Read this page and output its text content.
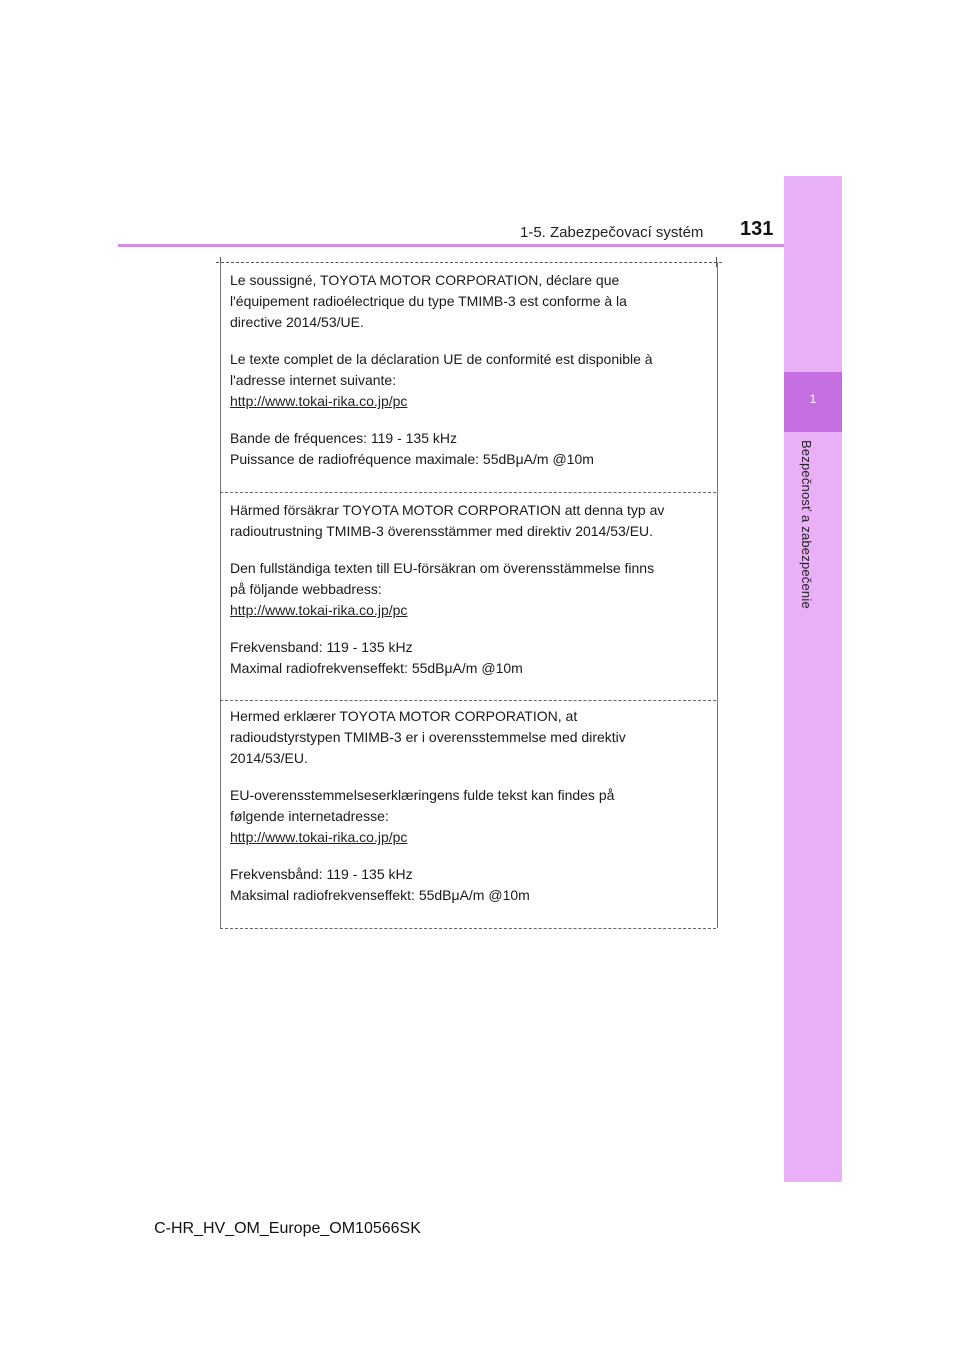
1-5. Zabezpečovací systém 131
1
Bezpečnosť a zabezpečenie

Le soussigné, TOYOTA MOTOR CORPORATION, déclare que

l'équipement radioélectrique du type TMIMB-3 est conforme à la

directive 2014/53/UE.

Le texte complet de la déclaration UE de conformité est disponible à

l'adresse internet suivante:

http://www.tokai-rika.co.jp/pc

Bande de fréquences: 119 - 135 kHz

Puissance de radiofréquence maximale: 55dBμA/m @10m

Härmed försäkrar TOYOTA MOTOR CORPORATION att denna typ av

radioutrustning TMIMB-3 överensstämmer med direktiv 2014/53/EU.

Den fullständiga texten till EU-försäkran om överensstämmelse finns

på följande webbadress:

http://www.tokai-rika.co.jp/pc

Frekvensband: 119 - 135 kHz

Maximal radiofrekvenseffekt: 55dBμA/m @10m

Hermed erklærer TOYOTA MOTOR CORPORATION, at

radioudstyrstypen TMIMB-3 er i overensstemmelse med direktiv

2014/53/EU.

EU-overensstemmelseserklæringens fulde tekst kan findes på

følgende internetadresse:

http://www.tokai-rika.co.jp/pc

Frekvensbånd: 119 - 135 kHz

Maksimal radiofrekvenseffekt: 55dBμA/m @10m

C-HR_HV_OM_Europe_OM10566SK
